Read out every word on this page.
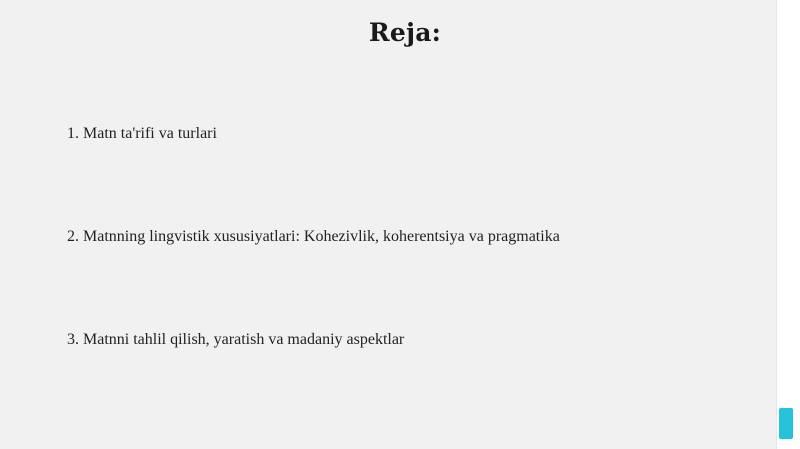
Reja:
1. Matn ta'rifi va turlari
2. Matnning lingvistik xususiyatlari: Kohezivlik, koherentsiya va pragmatika
3. Matnni tahlil qilish, yaratish va madaniy aspektlar
